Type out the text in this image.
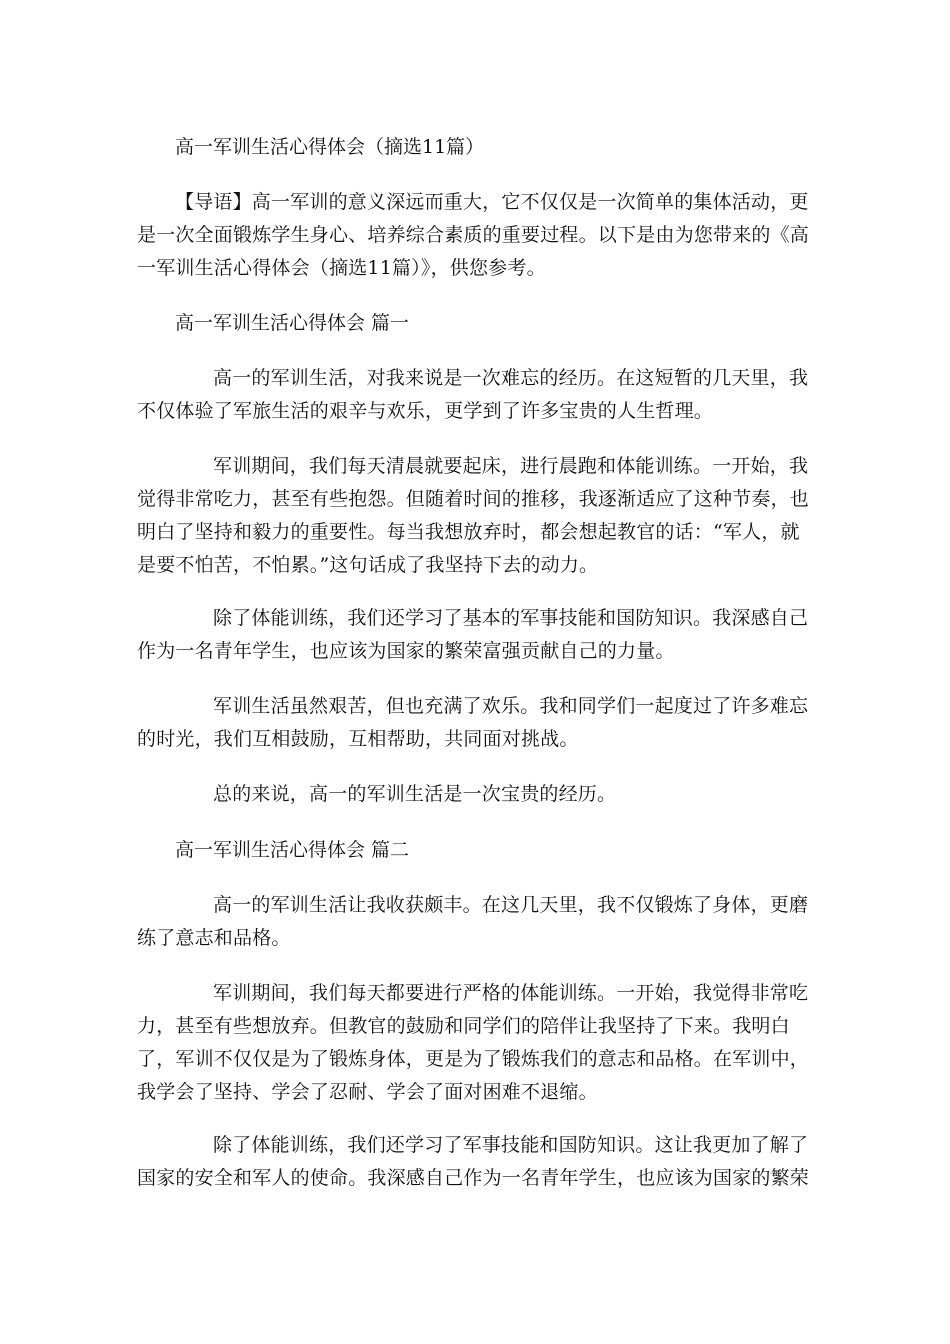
高一军训生活心得体会（摘选11篇）

【导语】高一军训的意义深远而重大，它不仅仅是一次简单的集体活动，更是一次全面锻炼学生身心、培养综合素质的重要过程。以下是由为您带来的《高一军训生活心得体会（摘选11篇）》，供您参考。

高一军训生活心得体会 篇一

高一的军训生活，对我来说是一次难忘的经历。在这短暂的几天里，我不仅体验了军旅生活的艰辛与欢乐，更学到了许多宝贵的人生哲理。

军训期间，我们每天清晨就要起床，进行晨跑和体能训练。一开始，我觉得非常吃力，甚至有些抱怨。但随着时间的推移，我逐渐适应了这种节奏，也明白了坚持和毅力的重要性。每当我想放弃时，都会想起教官的话：“军人，就是要不怕苦，不怕累。”这句话成了我坚持下去的动力。

除了体能训练，我们还学习了基本的军事技能和国防知识。我深感自己作为一名青年学生，也应该为国家的繁荣富强贡献自己的力量。

军训生活虽然艰苦，但也充满了欢乐。我和同学们一起度过了许多难忘的时光，我们互相鼓励，互相帮助，共同面对挑战。

总的来说，高一的军训生活是一次宝贵的经历。

高一军训生活心得体会 篇二

高一的军训生活让我收获颇丰。在这几天里，我不仅锻炼了身体，更磨练了意志和品格。

军训期间，我们每天都要进行严格的体能训练。一开始，我觉得非常吃力，甚至有些想放弃。但教官的鼓励和同学们的陪伴让我坚持了下来。我明白了，军训不仅仅是为了锻炼身体，更是为了锻炼我们的意志和品格。在军训中，我学会了坚持、学会了忍耐、学会了面对困难不退缩。

除了体能训练，我们还学习了军事技能和国防知识。这让我更加了解了国家的安全和军人的使命。我深感自己作为一名青年学生，也应该为国家的繁荣
